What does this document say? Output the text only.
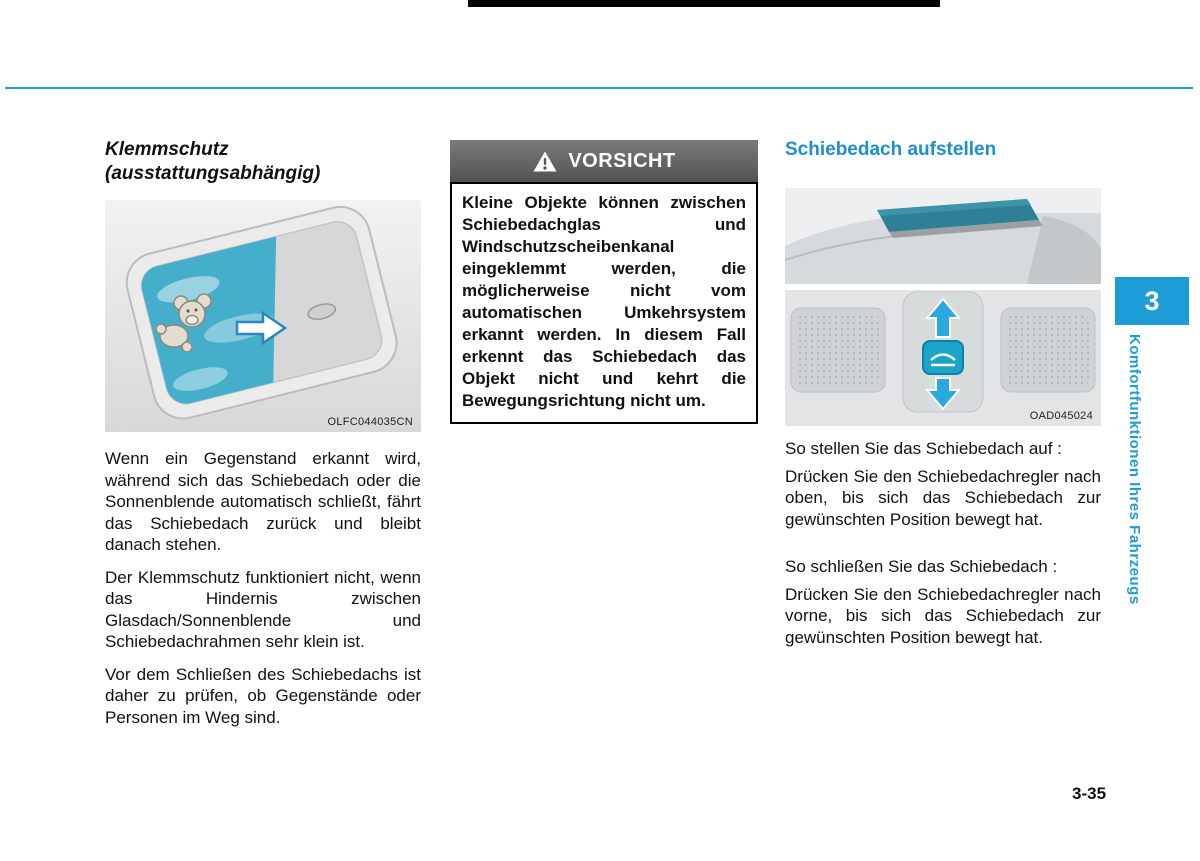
Klemmschutz
(ausstattungsabhängig)
OLFC044035CN

Wenn ein Gegenstand erkannt wird, während sich das Schiebedach oder die Sonnenblende automatisch schließt, fährt das Schiebedach zurück und bleibt danach stehen.

Der Klemmschutz funktioniert nicht, wenn das Hindernis zwischen Glasdach/Sonnenblende und Schiebedachrahmen sehr klein ist.

Vor dem Schließen des Schiebedachs ist daher zu prüfen, ob Gegenstände oder Personen im Weg sind.

VORSICHT
Kleine Objekte können zwischen Schiebedachglas und Windschutzscheibenkanal eingeklemmt werden, die möglicherweise nicht vom automatischen Umkehrsystem erkannt werden. In diesem Fall erkennt das Schiebedach das Objekt nicht und kehrt die Bewegungsrichtung nicht um.
Schiebedach aufstellen
OAD045024

So stellen Sie das Schiebedach auf :

Drücken Sie den Schiebedachregler nach oben, bis sich das Schiebedach zur gewünschten Position bewegt hat.

So schließen Sie das Schiebedach :

Drücken Sie den Schiebedachregler nach vorne, bis sich das Schiebedach zur gewünschten Position bewegt hat.

3
Komfortfunktionen Ihres Fahrzeugs
3-35
